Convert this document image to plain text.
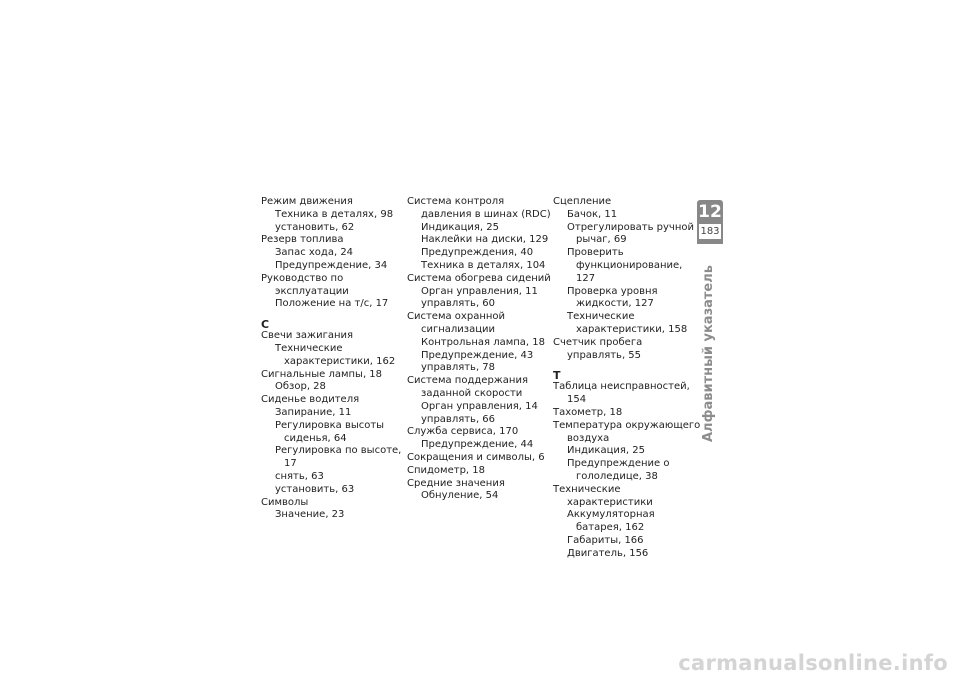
Режим движения
Техника в деталях, 98
установить, 62
Резерв топлива
Запас хода, 24
Предупреждение, 34
Руководство по эксплуатации
Положение на т/с, 17
С
Свечи зажигания
Технические характеристики, 162
Сигнальные лампы, 18
Обзор, 28
Сиденье водителя
Запирание, 11
Регулировка высоты сиденья, 64
Регулировка по высоте, 17
снять, 63
установить, 63
Символы
Значение, 23
Система контроля давления в шинах (RDC)
Индикация, 25
Наклейки на диски, 129
Предупреждения, 40
Техника в деталях, 104
Система обогрева сидений
Орган управления, 11
управлять, 60
Система охранной сигнализации
Контрольная лампа, 18
Предупреждение, 43
управлять, 78
Система поддержания заданной скорости
Орган управления, 14
управлять, 66
Служба сервиса, 170
Предупреждение, 44
Сокращения и символы, 6
Спидометр, 18
Средние значения
Обнуление, 54
Сцепление
Бачок, 11
Отрегулировать ручной рычаг, 69
Проверить функционирование, 127
Проверка уровня жидкости, 127
Технические характеристики, 158
Счетчик пробега
управлять, 55
Т
Таблица неисправностей, 154
Тахометр, 18
Температура окружающего воздуха
Индикация, 25
Предупреждение о гололедице, 38
Технические характеристики
Аккумуляторная батарея, 162
Габариты, 166
Двигатель, 156
12
183
Алфавитный указатель
carmanualsonline.info
